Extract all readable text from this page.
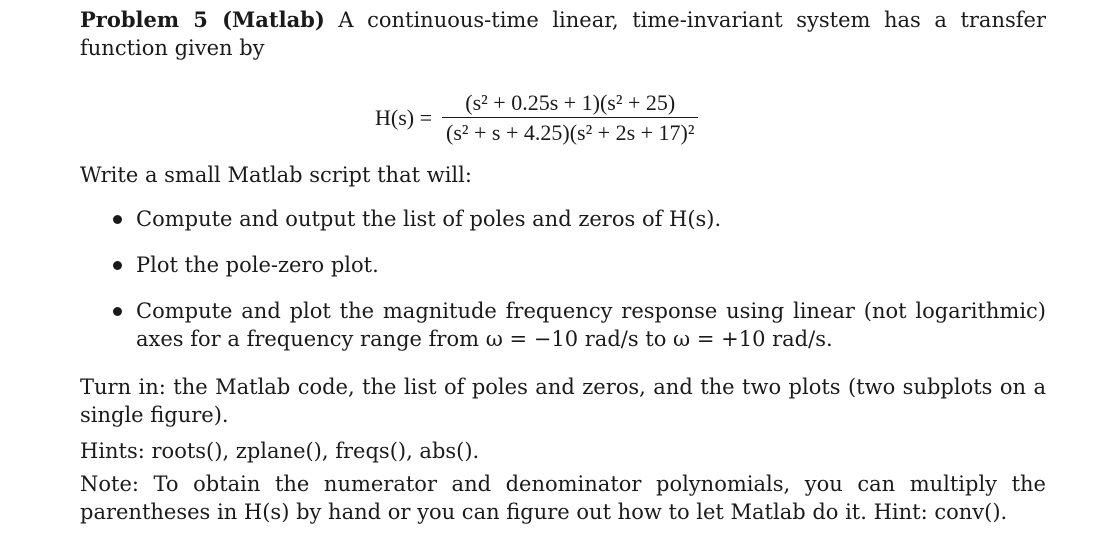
Problem 5 (Matlab) A continuous-time linear, time-invariant system has a transfer function given by

$H(s) = \frac{\text{(s² + 0.25s + 1)(s² + 25)}}{\text{(s² + s + 4.25)(s² + 2s + 17)²}}$

Write a small Matlab script that will:

Compute and output the list of poles and zeros of H(s).
Plot the pole-zero plot.
Compute and plot the magnitude frequency response using linear (not logarithmic) axes for a frequency range from ω = −10 rad/s to ω = +10 rad/s.

Turn in: the Matlab code, the list of poles and zeros, and the two plots (two subplots on a single figure).

Hints: roots(), zplane(), freqs(), abs().

Note: To obtain the numerator and denominator polynomials, you can multiply the parentheses in H(s) by hand or you can figure out how to let Matlab do it. Hint: conv().
